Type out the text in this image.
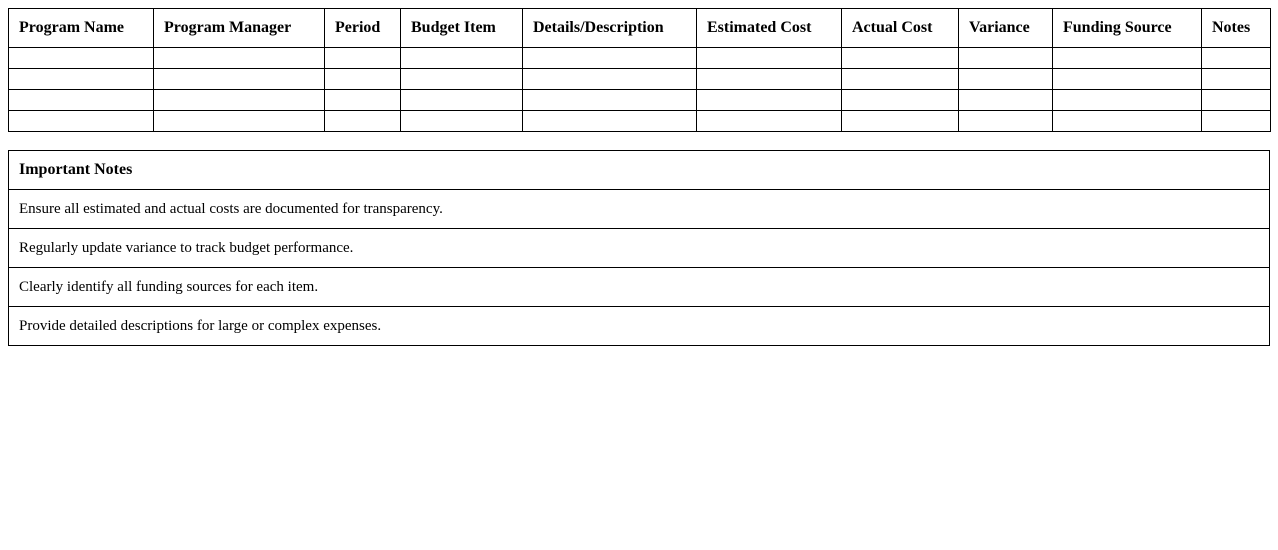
Program Name	Program Manager	Period	Budget Item	Details/Description	Estimated Cost	Actual Cost	Variance	Funding Source	Notes

Important Notes
Ensure all estimated and actual costs are documented for transparency.
Regularly update variance to track budget performance.
Clearly identify all funding sources for each item.
Provide detailed descriptions for large or complex expenses.
